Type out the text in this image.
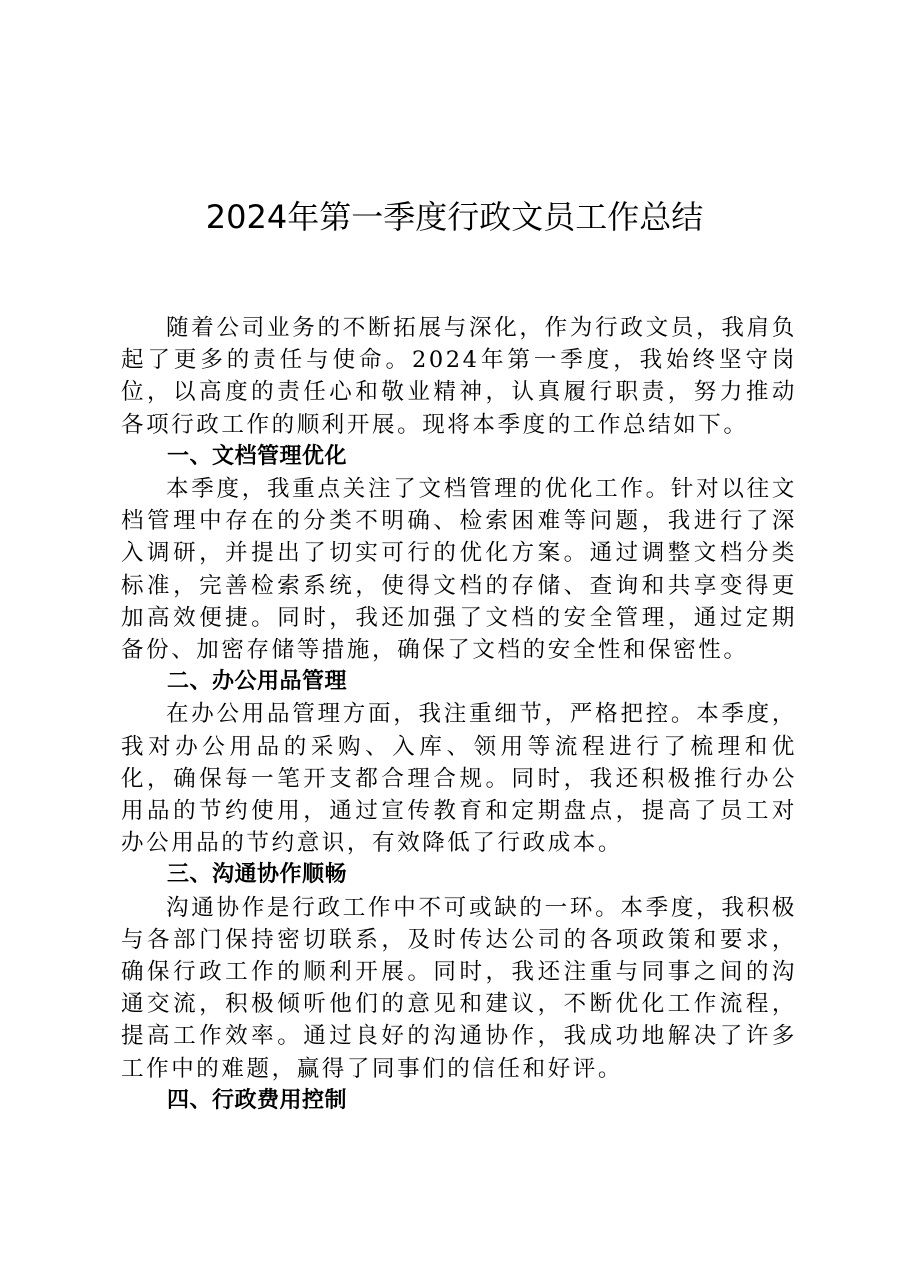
2024年第一季度行政文员工作总结

随着公司业务的不断拓展与深化，作为行政文员，我肩负起了更多的责任与使命。2024年第一季度，我始终坚守岗位，以高度的责任心和敬业精神，认真履行职责，努力推动各项行政工作的顺利开展。现将本季度的工作总结如下。

一、文档管理优化

本季度，我重点关注了文档管理的优化工作。针对以往文档管理中存在的分类不明确、检索困难等问题，我进行了深入调研，并提出了切实可行的优化方案。通过调整文档分类标准，完善检索系统，使得文档的存储、查询和共享变得更加高效便捷。同时，我还加强了文档的安全管理，通过定期备份、加密存储等措施，确保了文档的安全性和保密性。

二、办公用品管理

在办公用品管理方面，我注重细节，严格把控。本季度，我对办公用品的采购、入库、领用等流程进行了梳理和优化，确保每一笔开支都合理合规。同时，我还积极推行办公用品的节约使用，通过宣传教育和定期盘点，提高了员工对办公用品的节约意识，有效降低了行政成本。

三、沟通协作顺畅

沟通协作是行政工作中不可或缺的一环。本季度，我积极与各部门保持密切联系，及时传达公司的各项政策和要求，确保行政工作的顺利开展。同时，我还注重与同事之间的沟通交流，积极倾听他们的意见和建议，不断优化工作流程，提高工作效率。通过良好的沟通协作，我成功地解决了许多工作中的难题，赢得了同事们的信任和好评。

四、行政费用控制
